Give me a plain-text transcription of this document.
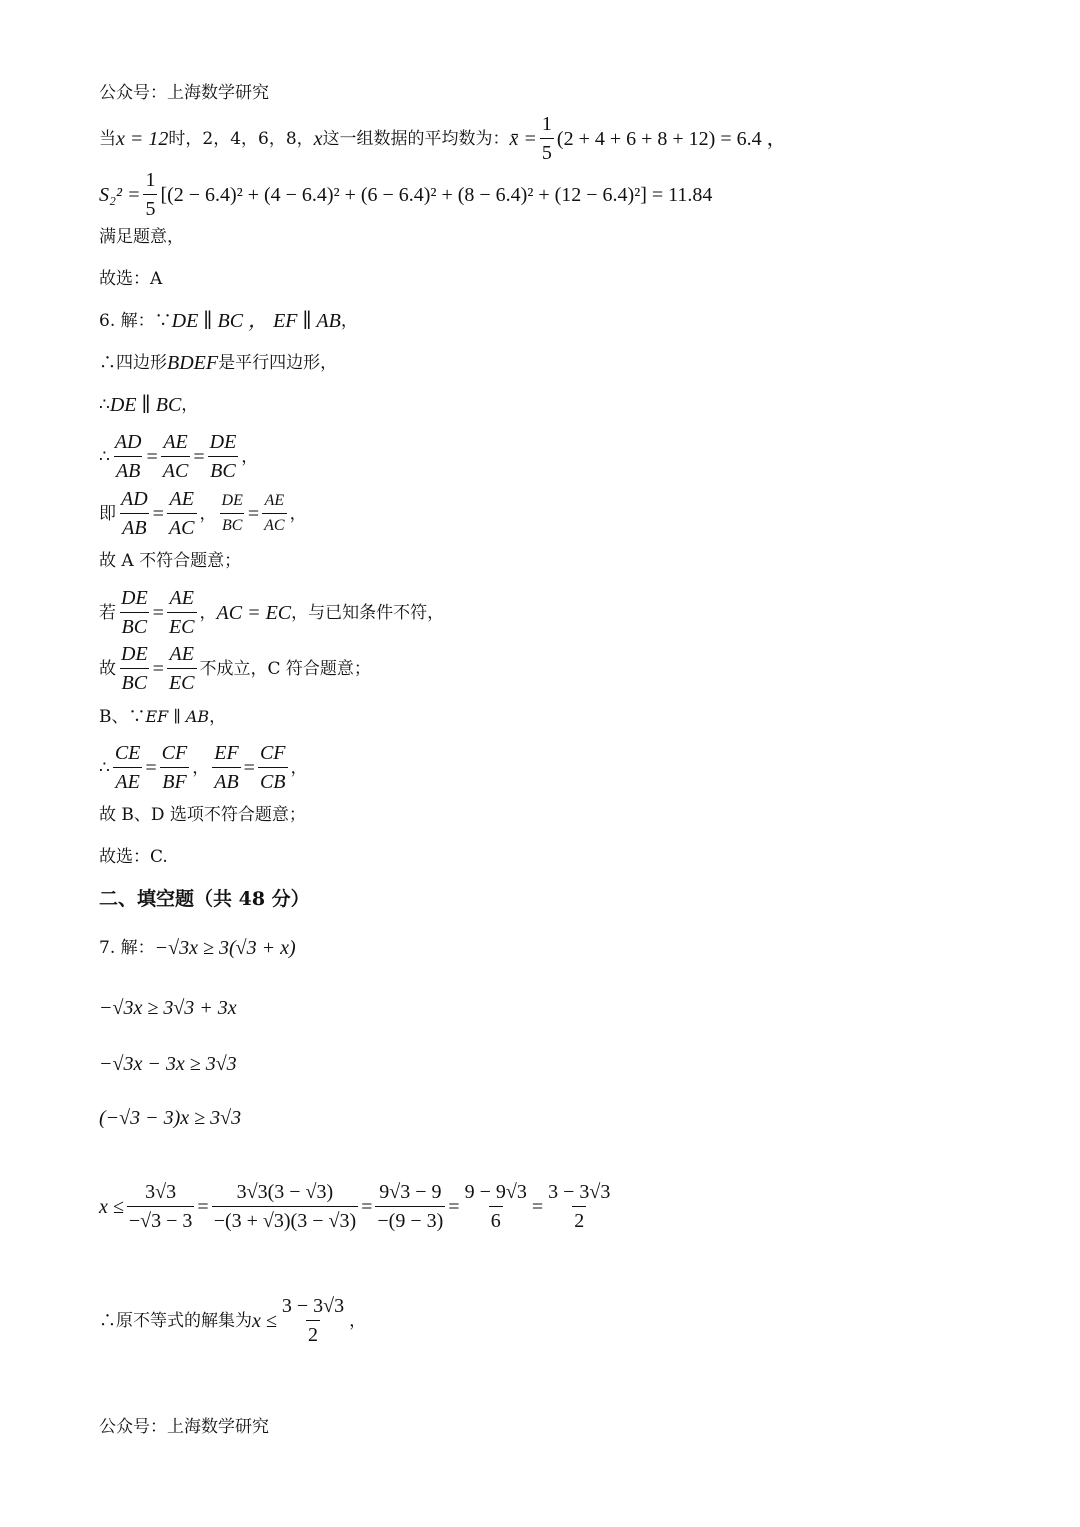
公众号：上海数学研究
当 x = 12 时，2，4，6，8， x 这一组数据的平均数为： x̄ = $\frac{1}{5} (2 + 4 + 6 + 8 + 12) = 6.4$ ，
$S_2^2 = \frac{1}{5} [(2 - 6.4)^2 + (4 - 6.4)^2 + (6 - 6.4)^2 + (8 - 6.4)^2 + (12 - 6.4)^2] = 11.84$
满足题意，
故选：A
6. 解：∵ DE ∥ BC ， EF ∥ AB ，
∴四边形 BDEF 是平行四边形，
∴ DE ∥ BC ，
∴ $\frac{AD}{AB} = \frac{AE}{AC} = \frac{DE}{BC}$ ，
即 $\frac{AD}{AB} = \frac{AE}{AC}$ ， $\frac{DE}{BC} = \frac{AE}{AC}$ ，
故 A 不符合题意；
若 $\frac{DE}{BC} = \frac{AE}{EC}$ ， AC = EC ，与已知条件不符，
故 $\frac{DE}{BC} = \frac{AE}{EC}$ 不成立，C 符合题意；
B、∵ EF ∥ AB ，
∴ $\frac{CE}{AE} = \frac{CF}{BF}$ ， $\frac{EF}{AB} = \frac{CF}{CB}$ ，
故 B、D 选项不符合题意；
故选：C.
二、填空题（共 48 分）
7. 解： −√3x ≥ 3(√3 + x)
−√3x ≥ 3√3 + 3x
−√3x − 3x ≥ 3√3
(−√3 − 3)x ≥ 3√3
$x \le \frac{3√3}{-√3 - 3} = \frac{3√3(3 - √3)}{-(3 + √3)(3 - √3)} = \frac{9√3 - 9}{-(9 - 3)} = \frac{9 - 9√3}{6} = \frac{3 - 3√3}{2}$
∴原不等式的解集为 $x \le \frac{3 - 3√3}{2}$ ，
公众号：上海数学研究
